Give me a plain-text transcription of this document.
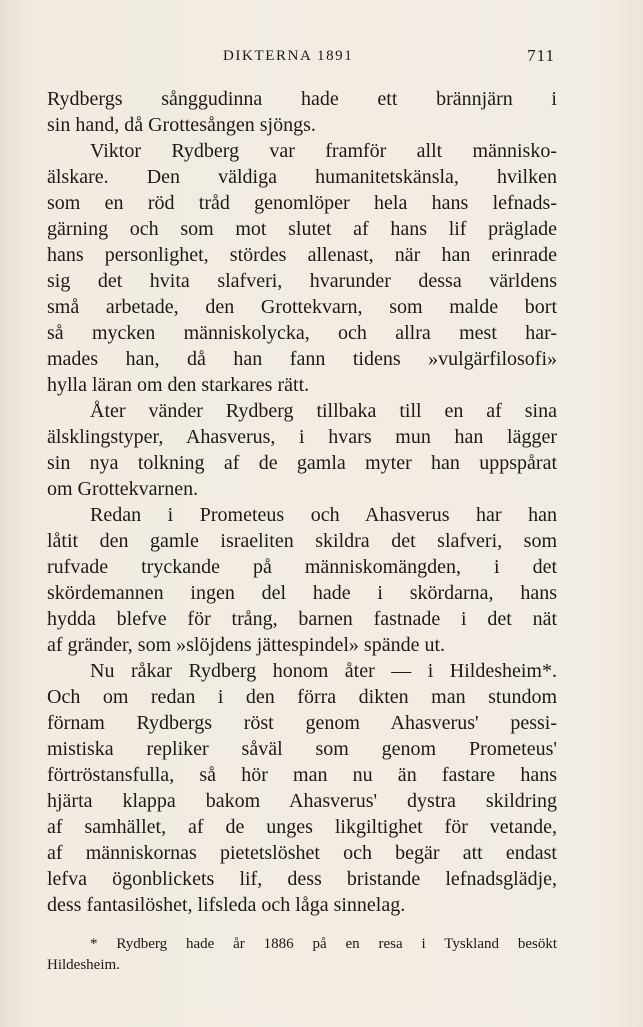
DIKTERNA 1891	711
Rydbergs sånggudinna hade ett brännjärn i
sin hand, då Grottesången sjöngs.
Viktor Rydberg var framför allt människo-
älskare. Den väldiga humanitetskänsla, hvilken
som en röd tråd genomlöper hela hans lefnads-
gärning och som mot slutet af hans lif präglade
hans personlighet, stördes allenast, när han erinrade
sig det hvita slafveri, hvarunder dessa världens
små arbetade, den Grottekvarn, som malde bort
så mycken människolycka, och allra mest har-
mades han, då han fann tidens »vulgärfilosofi»
hylla läran om den starkares rätt.
Åter vänder Rydberg tillbaka till en af sina
älsklingstyper, Ahasverus, i hvars mun han lägger
sin nya tolkning af de gamla myter han uppspårat
om Grottekvarnen.
Redan i Prometeus och Ahasverus har han
låtit den gamle israeliten skildra det slafveri, som
rufvade tryckande på människomängden, i det
skördemannen ingen del hade i skördarna, hans
hydda blefve för trång, barnen fastnade i det nät
af gränder, som »slöjdens jättespindel» spände ut.
Nu råkar Rydberg honom åter — i Hildesheim*.
Och om redan i den förra dikten man stundom
förnam Rydbergs röst genom Ahasverus' pessi-
mistiska repliker såväl som genom Prometeus'
förtröstansfulla, så hör man nu än fastare hans
hjärta klappa bakom Ahasverus' dystra skildring
af samhället, af de unges likgiltighet för vetande,
af människornas pietetslöshet och begär att endast
lefva ögonblickets lif, dess bristande lefnadsglädje,
dess fantasilöshet, lifsleda och låga sinnelag.
* Rydberg hade år 1886 på en resa i Tyskland besökt
Hildesheim.
